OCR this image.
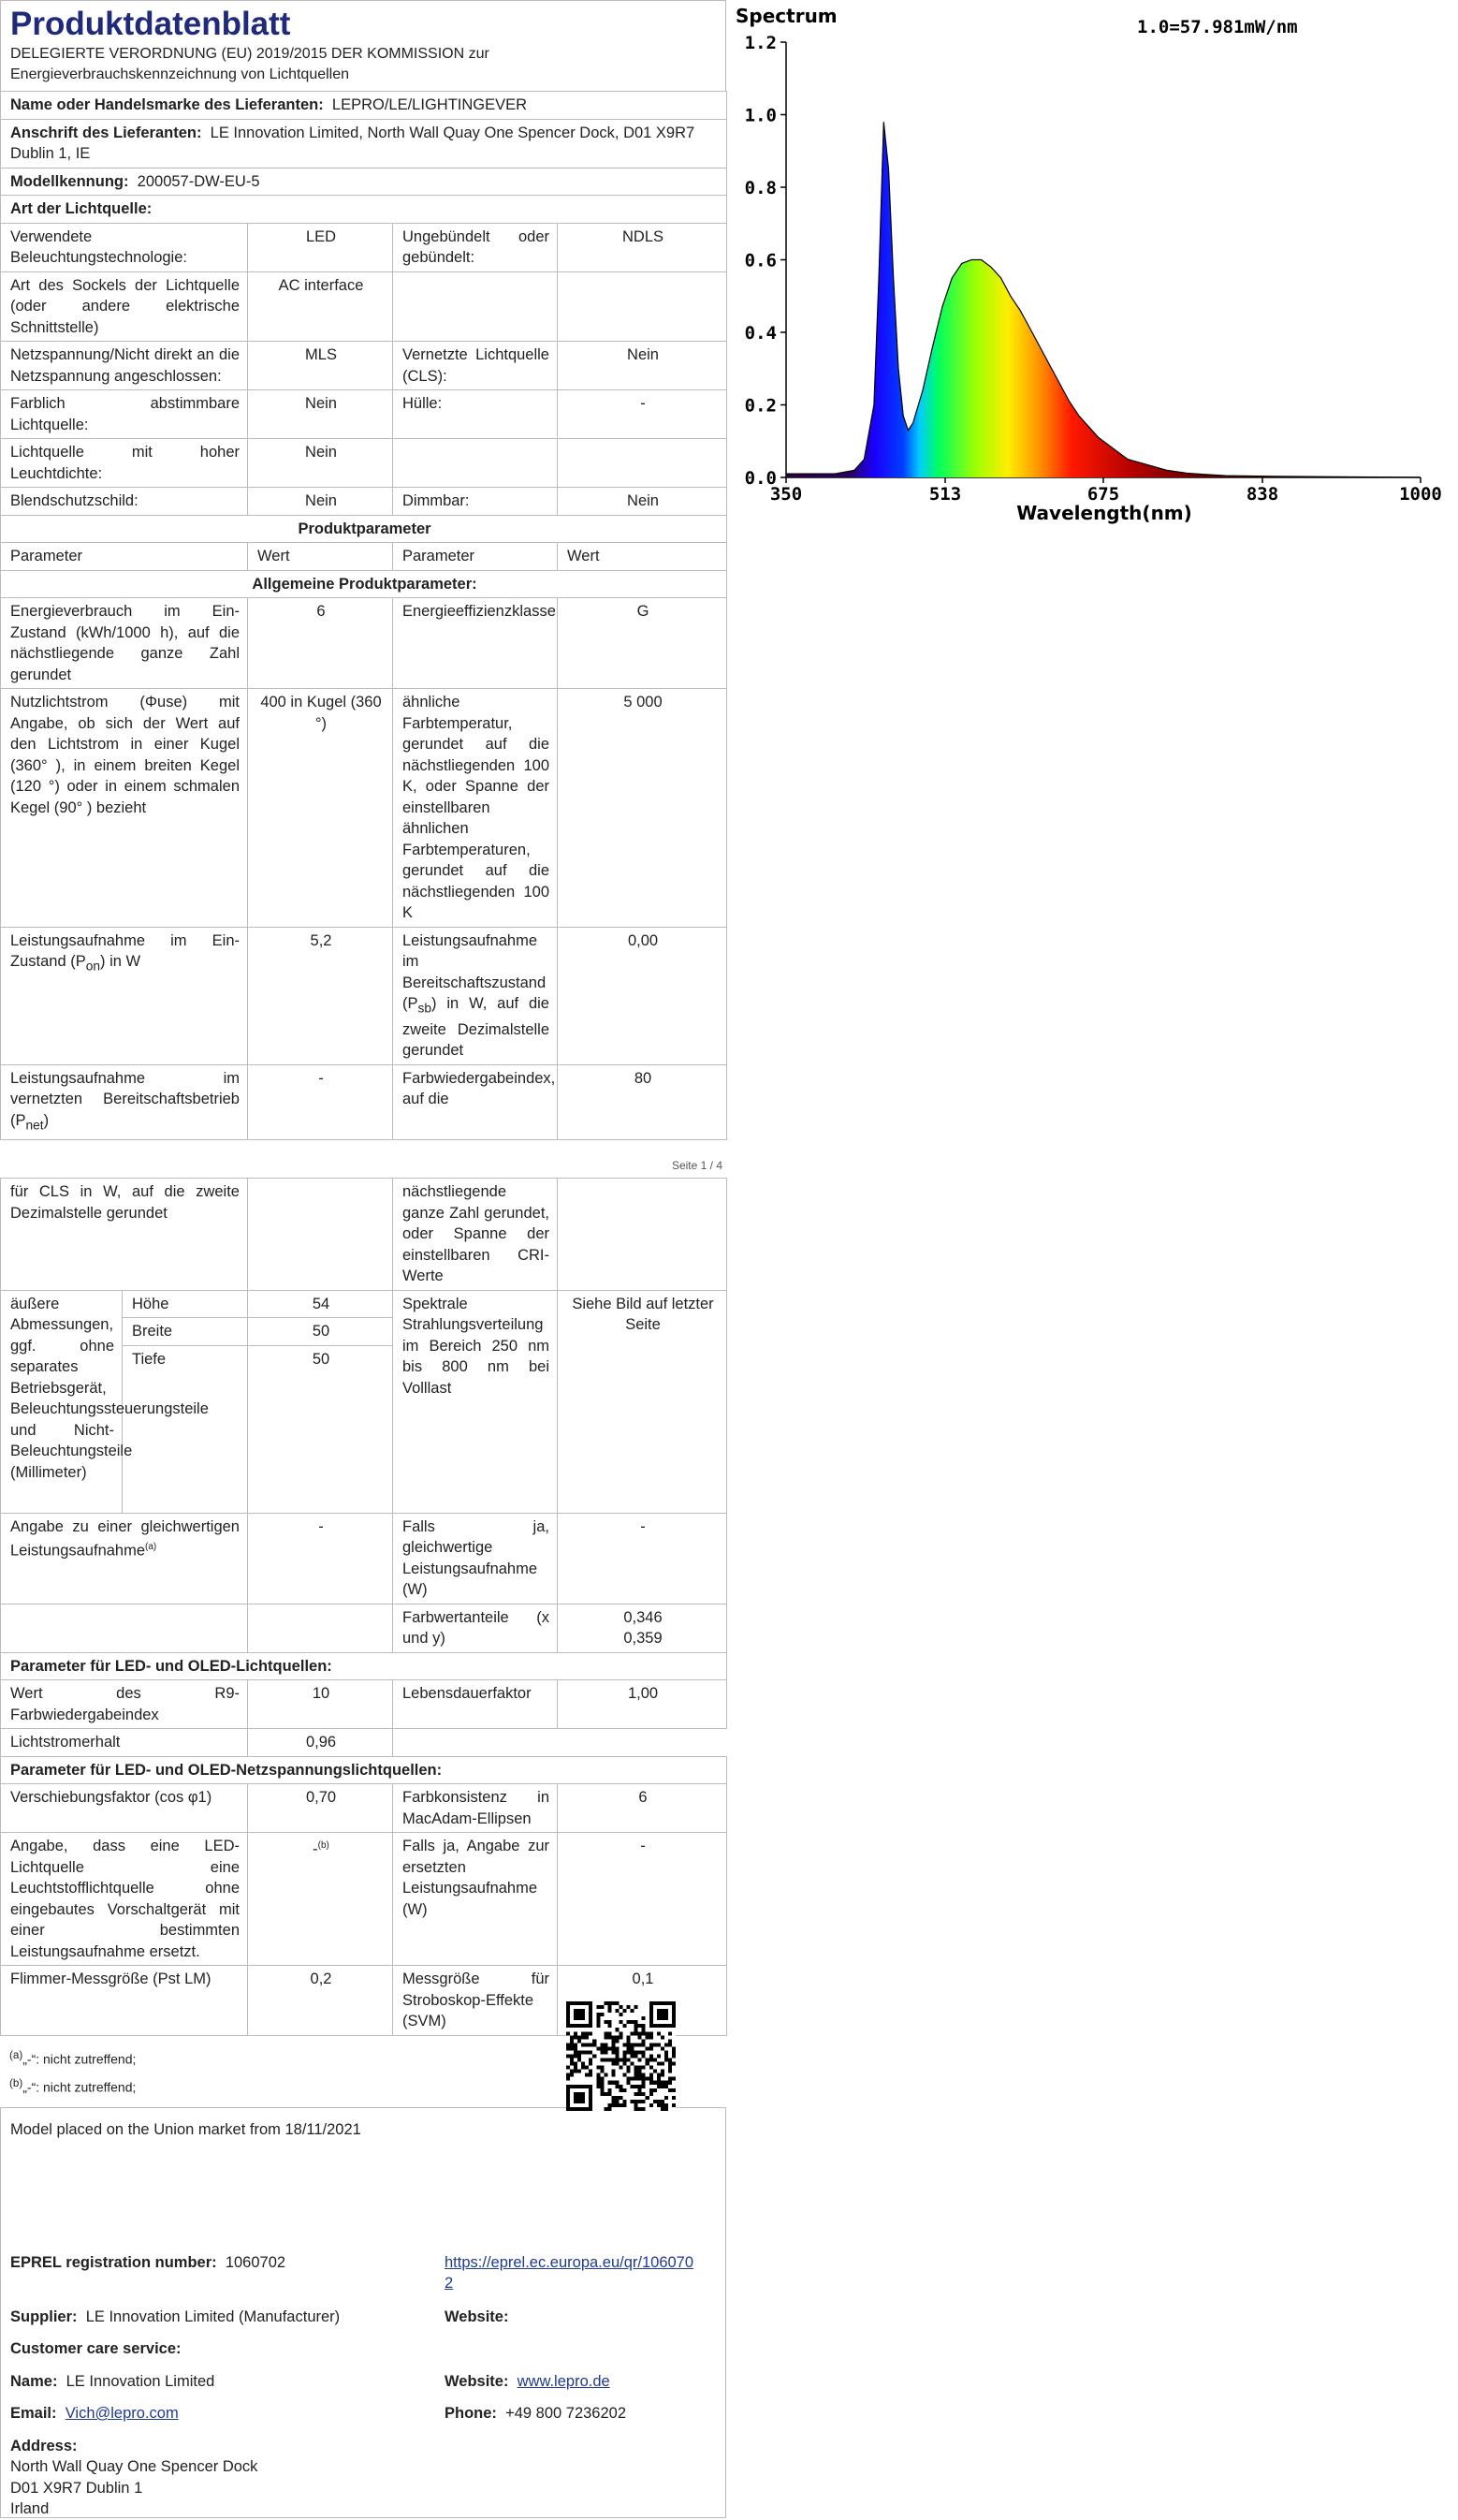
Produktdatenblatt
DELEGIERTE VERORDNUNG (EU) 2019/2015 DER KOMMISSION zur Energieverbrauchskennzeichnung von Lichtquellen
Name oder Handelsmarke des Lieferanten: LEPRO/LE/LIGHTINGEVER			
Anschrift des Lieferanten: LE Innovation Limited, North Wall Quay One Spencer Dock, D01 X9R7 Dublin 1, IE			
Modellkennung: 200057-DW-EU-5			
Art der Lichtquelle:			
Verwendete Beleuchtungstechnologie:	LED	Ungebündelt oder gebündelt:	NDLS
Art des Sockels der Lichtquelle (oder andere elektrische Schnittstelle)	AC interface		
Netzspannung/Nicht direkt an die Netzspannung angeschlossen:	MLS	Vernetzte Lichtquelle (CLS):	Nein
Farblich abstimmbare Lichtquelle:	Nein	Hülle:	-
Lichtquelle mit hoher Leuchtdichte:	Nein		
Blendschutzschild:	Nein	Dimmbar:	Nein
Produktparameter			
Parameter	Wert	Parameter	Wert
Allgemeine Produktparameter:			
Energieverbrauch im Ein-Zustand (kWh/1000 h), auf die nächstliegende ganze Zahl gerundet	6	Energieeffizienzklasse	G
Nutzlichtstrom (Φuse) mit Angabe, ob sich der Wert auf den Lichtstrom in einer Kugel (360° ), in einem breiten Kegel (120 °) oder in einem schmalen Kegel (90° ) bezieht	400 in Kugel (360 °)	ähnliche Farbtemperatur, gerundet auf die nächstliegenden 100 K, oder Spanne der einstellbaren ähnlichen Farbtemperaturen, gerundet auf die nächstliegenden 100 K	5 000
Leistungsaufnahme im Ein-Zustand $(P_{on})$ in W	5,2	Leistungsaufnahme im Bereitschaftszustand $(P_{sb})$ in W, auf die zweite Dezimalstelle gerundet	0,00
Leistungsaufnahme im vernetzten Bereitschaftsbetrieb $(P_{net})$	-	Farbwiedergabeindex, auf die	80
Seite 1 / 4
für CLS in W, auf die zweite Dezimalstelle gerundet			nächstliegende ganze Zahl gerundet, oder Spanne der einstellbaren CRI-Werte	
äußere Abmessungen, ggf. ohne separates Betriebsgerät, Beleuchtungssteuerungsteile und Nicht-Beleuchtungsteile (Millimeter)	Höhe	54	Spektrale Strahlungsverteilung im Bereich 250 nm bis 800 nm bei Volllast	Siehe Bild auf letzter Seite
	Breite	50		
	Tiefe	50		
Angabe zu einer gleichwertigen Leistungsaufnahme$^{(a)}$		-	Falls ja, gleichwertige Leistungsaufnahme (W)	-
			Farbwertanteile (x und y)	0,346
0,359

Parameter für LED- und OLED-Lichtquellen:				
Wert des R9-Farbwiedergabeindex		10	Lebensdauerfaktor	1,00
Lichtstromerhalt		0,96		
Parameter für LED- und OLED-Netzspannungslichtquellen:				
Verschiebungsfaktor (cos φ1)		0,70	Farbkonsistenz in MacAdam-Ellipsen	6
Angabe, dass eine LED-Lichtquelle eine Leuchtstofflichtquelle ohne eingebautes Vorschaltgerät mit einer bestimmten Leistungsaufnahme ersetzt.		-$^{(b)}$	Falls ja, Angabe zur ersetzten Leistungsaufnahme (W)	-
Flimmer-Messgröße (Pst LM)		0,2	Messgröße für Stroboskop-Effekte (SVM)	0,1
$^{(a)}$„-“: nicht zutreffend;
$^{(b)}$„-“: nicht zutreffend;
Model placed on the Union market from 18/11/2021
EPREL registration number: 1060702	https://eprel.ec.europa.eu/qr/1060702
Supplier: LE Innovation Limited (Manufacturer)	Website:
Customer care service:
Name: LE Innovation Limited	Website: www.lepro.de
Email: Vich@lepro.com	Phone: +49 800 7236202
Address:
North Wall Quay One Spencer Dock
D01 X9R7 Dublin 1
Irland
Spectrum	1.0=57.981mW/nm
0.0
0.2
0.4
0.6
0.8
1.0
1.2
350	513	675	838	1000
Wavelength(nm)
